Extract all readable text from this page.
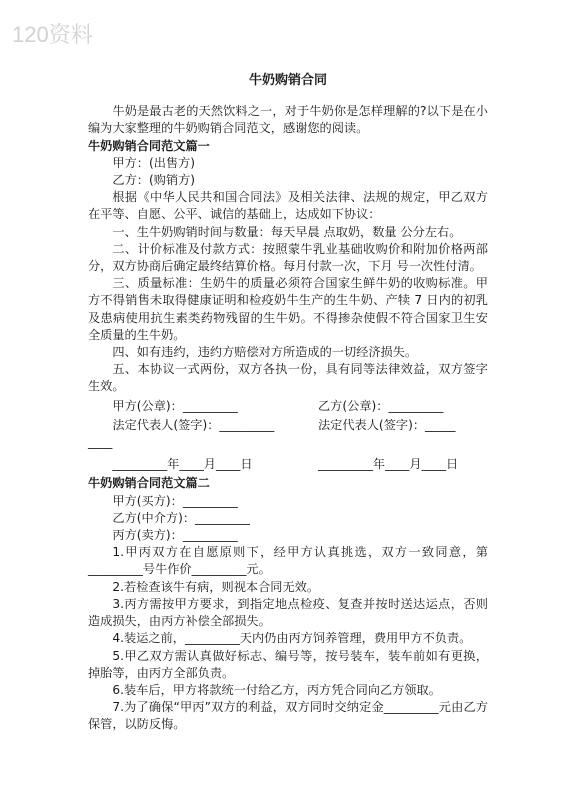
120资料
牛奶购销合同

牛奶是最古老的天然饮料之一，对于牛奶你是怎样理解的?以下是在小编为大家整理的牛奶购销合同范文，感谢您的阅读。

牛奶购销合同范文篇一

甲方：(出售方)

乙方：(购销方)

根据《中华人民共和国合同法》及相关法律、法规的规定，甲乙双方在平等、自愿、公平、诚信的基础上，达成如下协议：

一、生牛奶购销时间与数量：每天早晨 点取奶，数量 公分左右。

二、计价标准及付款方式：按照蒙牛乳业基础收购价和附加价格两部分，双方协商后确定最终结算价格。每月付款一次，下月 号一次性付清。

三、质量标准：生奶牛的质量必须符合国家生鲜牛奶的收购标准。甲方不得销售未取得健康证明和检疫奶牛生产的生牛奶、产犊 7 日内的初乳及患病使用抗生素类药物残留的生牛奶。不得掺杂使假不符合国家卫生安全质量的生牛奶。

四、如有违约，违约方赔偿对方所造成的一切经济损失。

五、本协议一式两份，双方各执一份，具有同等法律效益，双方签字生效。

甲方(公章)：_________	乙方(公章)：_________
法定代表人(签字)：_________	法定代表人(签字)：_____

____

_________年____月____日	_________年____月____日

牛奶购销合同范文篇二

甲方(买方)：_________

乙方(中介方)：_________

丙方(卖方)：_________

1.甲丙双方在自愿原则下，经甲方认真挑选，双方一致同意，第_________号牛作价_________元。

2.若检查该牛有病，则视本合同无效。

3.丙方需按甲方要求，到指定地点检疫、复查并按时送达运点，否则造成损失，由丙方补偿全部损失。

4.装运之前，_________天内仍由丙方饲养管理，费用甲方不负责。

5.甲乙双方需认真做好标志、编号等，按号装车，装车前如有更换，掉胎等，由丙方全部负责。

6.装车后，甲方将款统一付给乙方，丙方凭合同向乙方领取。

7.为了确保“甲丙”双方的利益，双方同时交纳定金_________元由乙方保管，以防反悔。
